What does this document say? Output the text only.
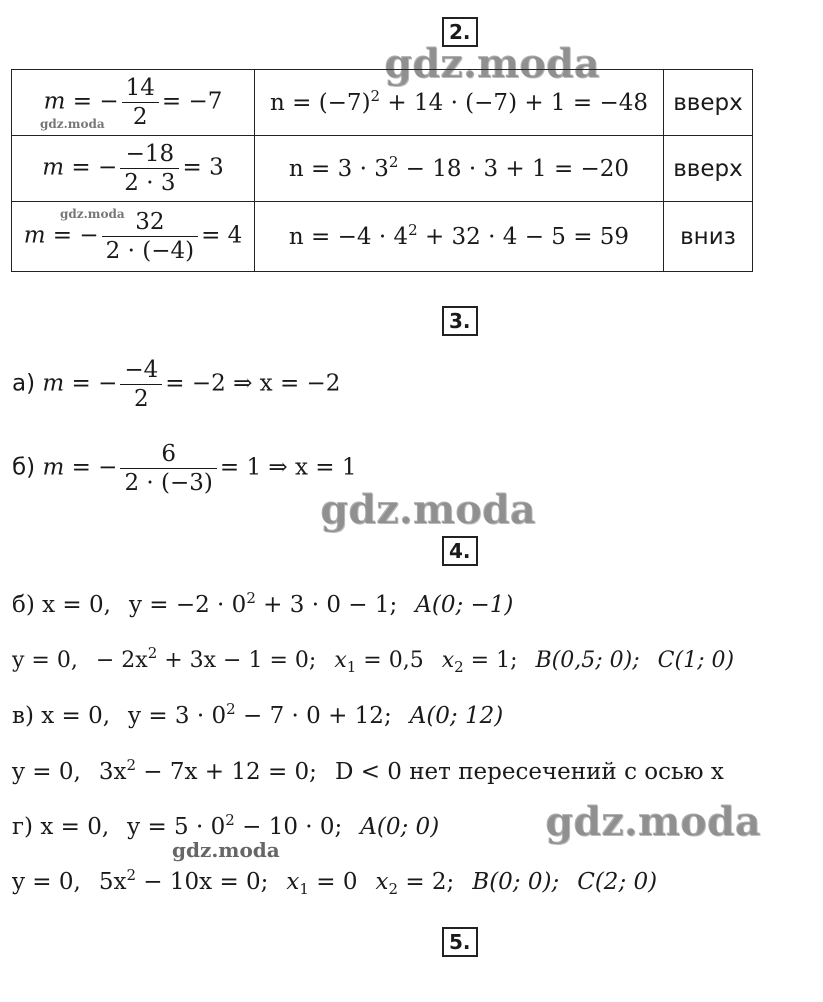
2.
gdz.moda
m = − $\frac{14}{2} = -7$	$n = (-7)^2 + 14 \cdot (-7) + 1 = -48$	вверх
m = − $\frac{-18}{2 \cdot 3} = 3$	$n = 3 \cdot 3^2 - 18 \cdot 3 + 1 = -20$	вверх
m = − $\frac{32}{2 \cdot (-4)} = 4$	$n = -4 \cdot 4^2 + 32 \cdot 4 - 5 = 59$	вниз
gdz.moda
gdz.moda
3.
а) m = − $\frac{-4}{2} = -2$ ⇒ x = −2
б) m = − $\frac{6}{2 \cdot (-3)} = 1$ ⇒ x = 1
gdz.moda
4.
б) x = 0, $y = -2 \cdot 0^2 + 3 \cdot 0 - 1$; A(0; −1)
y = 0, − $2x^2 + 3x - 1 = 0$; $x_1 = 0,5$ $x_2 = 1$; B(0,5; 0); C(1; 0)
в) x = 0, $y = 3 \cdot 0^2 - 7 \cdot 0 + 12$; A(0; 12)
y = 0, $3x^2 - 7x + 12 = 0$; D < 0 нет пересечений с осью x
г) x = 0, $y = 5 \cdot 0^2 - 10 \cdot 0$; A(0; 0)	gdz.moda
gdz.moda
y = 0, $5x^2 - 10x = 0$; $x_1 = 0$ $x_2 = 2$; B(0; 0); C(2; 0)
5.
